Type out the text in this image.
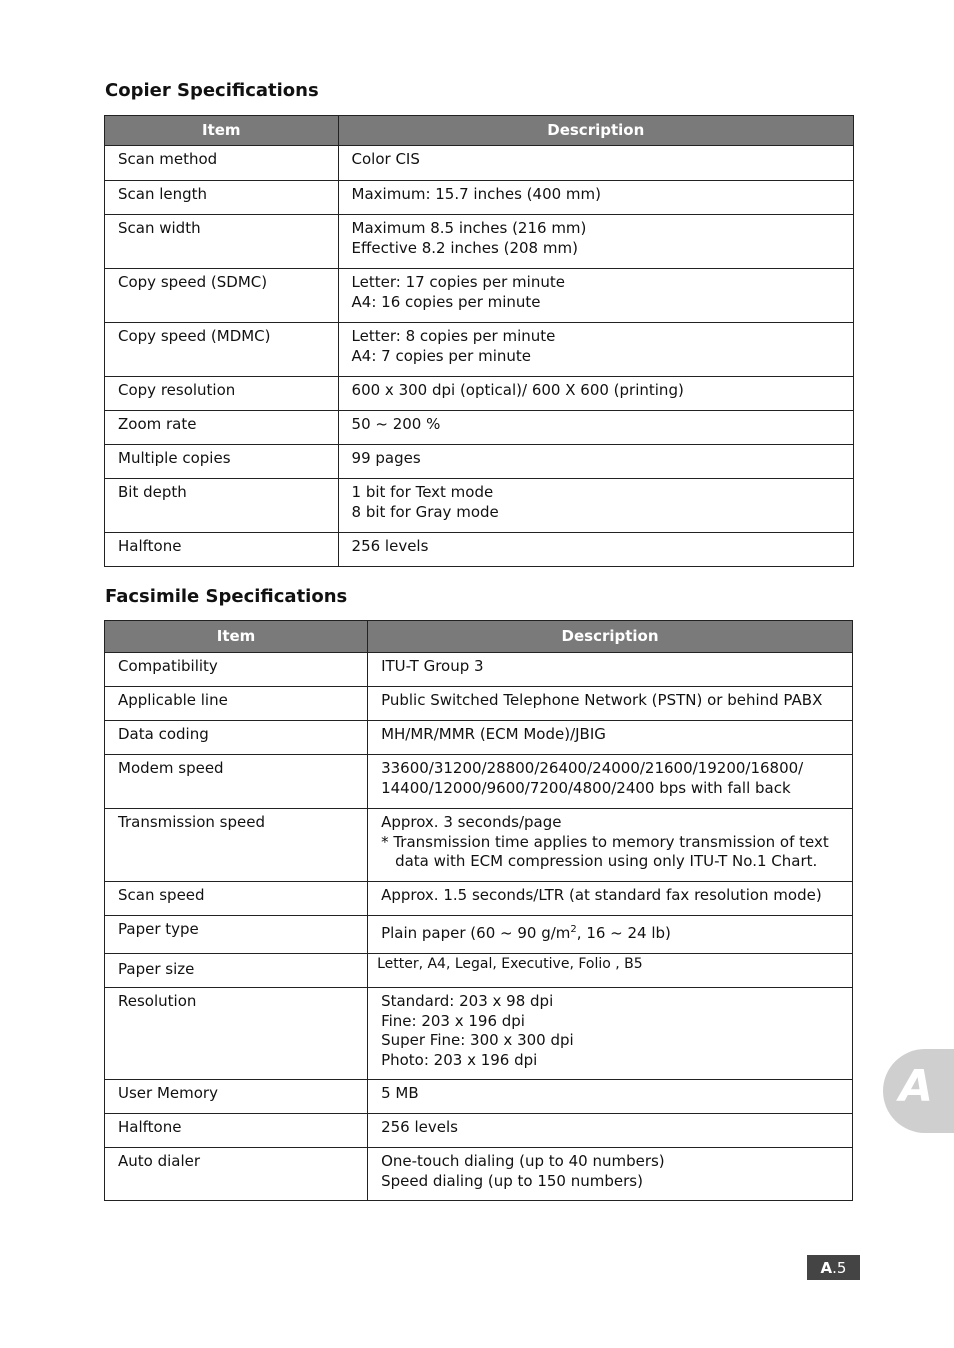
Copier Specifications
Item	Description
Scan method	Color CIS

Scan length	Maximum: 15.7 inches (400 mm)

Scan width	Maximum 8.5 inches (216 mm)
Effective 8.2 inches (208 mm)

Copy speed (SDMC)	Letter: 17 copies per minute
A4: 16 copies per minute

Copy speed (MDMC)	Letter: 8 copies per minute
A4: 7 copies per minute

Copy resolution	600 x 300 dpi (optical)/ 600 X 600 (printing)

Zoom rate	50 ~ 200 %

Multiple copies	99 pages

Bit depth	1 bit for Text mode
8 bit for Gray mode

Halftone	256 levels
Facsimile Specifications
Item	Description
Compatibility	ITU-T Group 3

Applicable line	Public Switched Telephone Network (PSTN) or behind PABX

Data coding	MH/MR/MMR (ECM Mode)/JBIG

Modem speed	33600/31200/28800/26400/24000/21600/19200/16800/
14400/12000/9600/7200/4800/2400 bps with fall back

Transmission speed	Approx. 3 seconds/page
* Transmission time applies to memory transmission of text
data with ECM compression using only ITU-T No.1 Chart.

Scan speed	Approx. 1.5 seconds/LTR (at standard fax resolution mode)

Paper type	Plain paper (60 ~ 90 $g/m^2$, 16 ~ 24 lb)

Paper size	Letter, A4, Legal, Executive, Folio , B5

Resolution	Standard: 203 x 98 dpi
Fine: 203 x 196 dpi
Super Fine: 300 x 300 dpi
Photo: 203 x 196 dpi

User Memory	5 MB

Halftone	256 levels

Auto dialer	One-touch dialing (up to 40 numbers)
Speed dialing (up to 150 numbers)
A
A . 5
